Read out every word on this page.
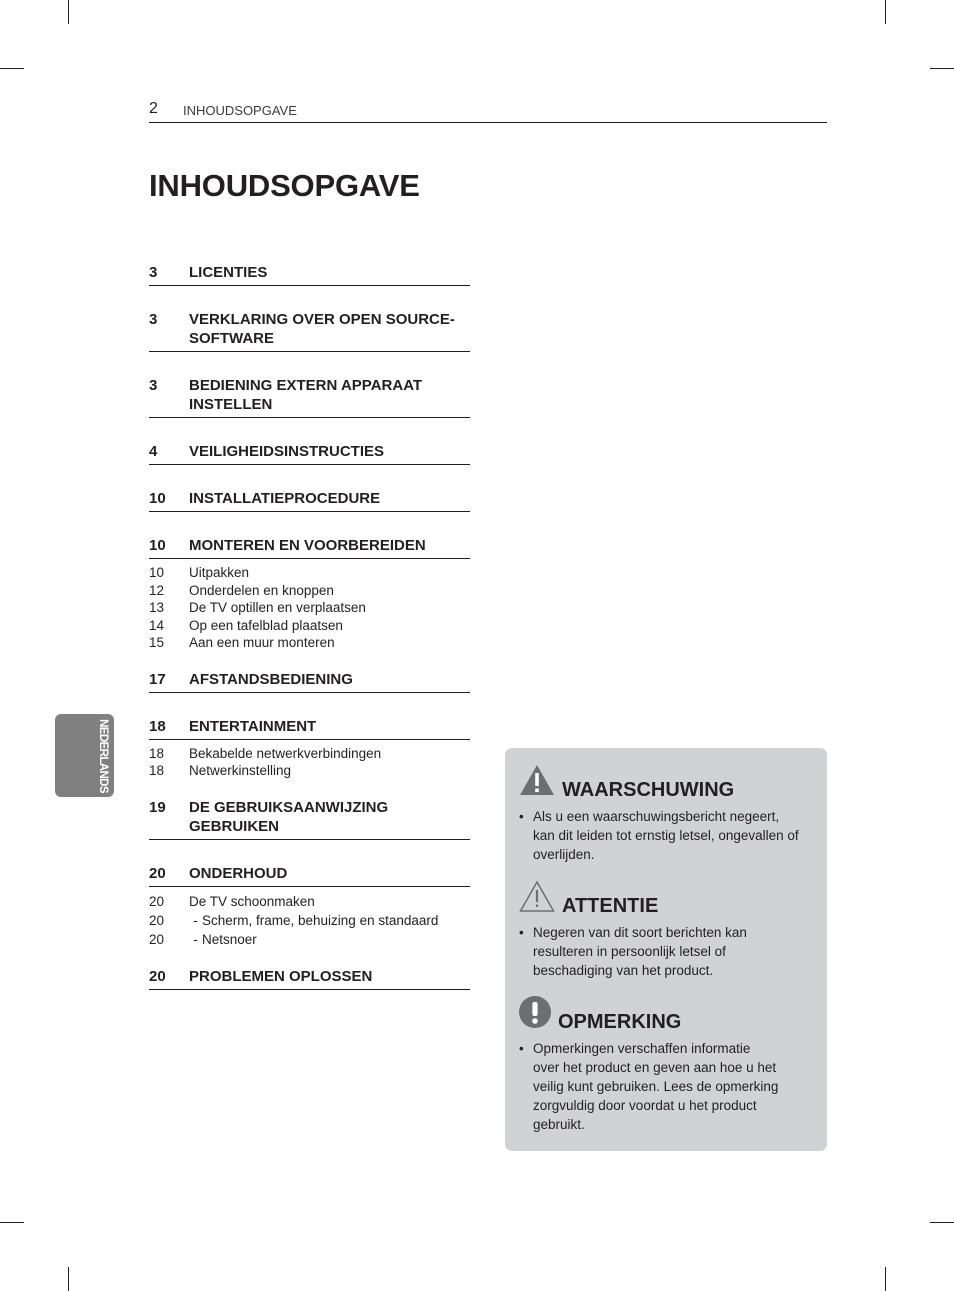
2 INHOUDSOPGAVE
INHOUDSOPGAVE
3	LICENTIES
3	VERKLARING OVER OPEN SOURCE-
SOFTWARE
3	BEDIENING EXTERN APPARAAT
INSTELLEN
4	VEILIGHEIDSINSTRUCTIES
10	INSTALLATIEPROCEDURE
10	MONTEREN EN VOORBEREIDEN
10	Uitpakken
12	Onderdelen en knoppen
13	De TV optillen en verplaatsen
14	Op een tafelblad plaatsen
15	Aan een muur monteren
17	AFSTANDSBEDIENING
18	ENTERTAINMENT
18	Bekabelde netwerkverbindingen
18	Netwerkinstelling
19	DE GEBRUIKSAANWIJZING
GEBRUIKEN
20	ONDERHOUD
20	De TV schoonmaken
20	- Scherm, frame, behuizing en standaard
20	- Netsnoer
20	PROBLEMEN OPLOSSEN
NEDERLANDS	WAARSCHUWING
• Als u een waarschuwingsbericht negeert,
kan dit leiden tot ernstig letsel, ongevallen of
overlijden.
ATTENTIE
• Negeren van dit soort berichten kan
resulteren in persoonlijk letsel of
beschadiging van het product.
OPMERKING
• Opmerkingen verschaffen informatie
over het product en geven aan hoe u het
veilig kunt gebruiken. Lees de opmerking
zorgvuldig door voordat u het product
gebruikt.
